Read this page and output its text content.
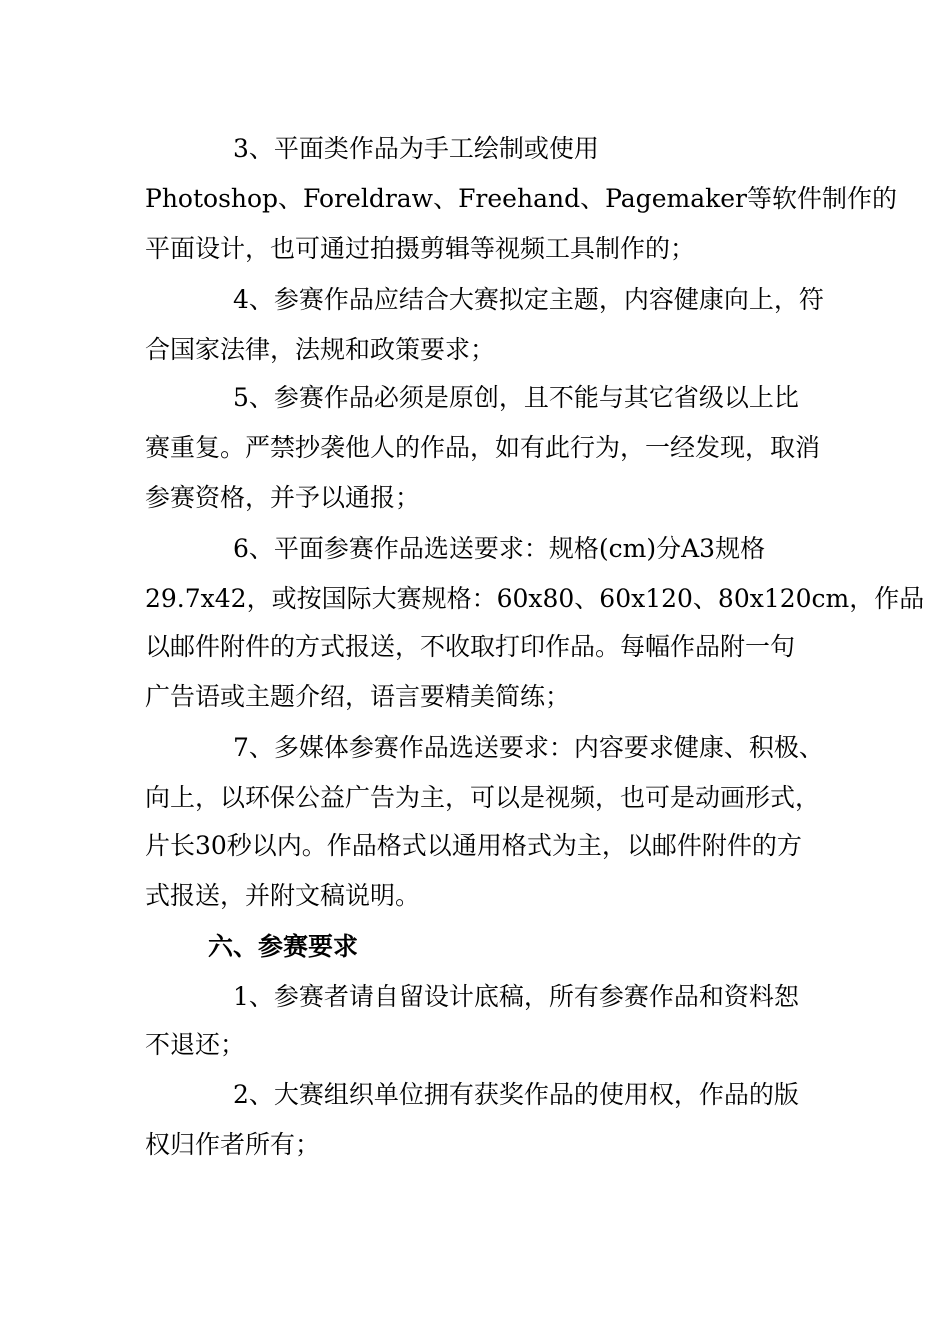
3、平面类作品为手工绘制或使用
Photoshop、Foreldraw、Freehand、Pagemaker等软件制作的
平面设计，也可通过拍摄剪辑等视频工具制作的；
4、参赛作品应结合大赛拟定主题，内容健康向上，符
合国家法律，法规和政策要求；
5、参赛作品必须是原创，且不能与其它省级以上比
赛重复。严禁抄袭他人的作品，如有此行为，一经发现，取消
参赛资格，并予以通报；
6、平面参赛作品选送要求：规格(cm)分A3规格
29.7x42，或按国际大赛规格：60x80、60x120、80x120cm，作品
以邮件附件的方式报送，不收取打印作品。每幅作品附一句
广告语或主题介绍，语言要精美简练；
7、多媒体参赛作品选送要求：内容要求健康、积极、
向上，以环保公益广告为主，可以是视频，也可是动画形式，
片长30秒以内。作品格式以通用格式为主，以邮件附件的方
式报送，并附文稿说明。
六、参赛要求
1、参赛者请自留设计底稿，所有参赛作品和资料恕
不退还；
2、大赛组织单位拥有获奖作品的使用权，作品的版
权归作者所有；
